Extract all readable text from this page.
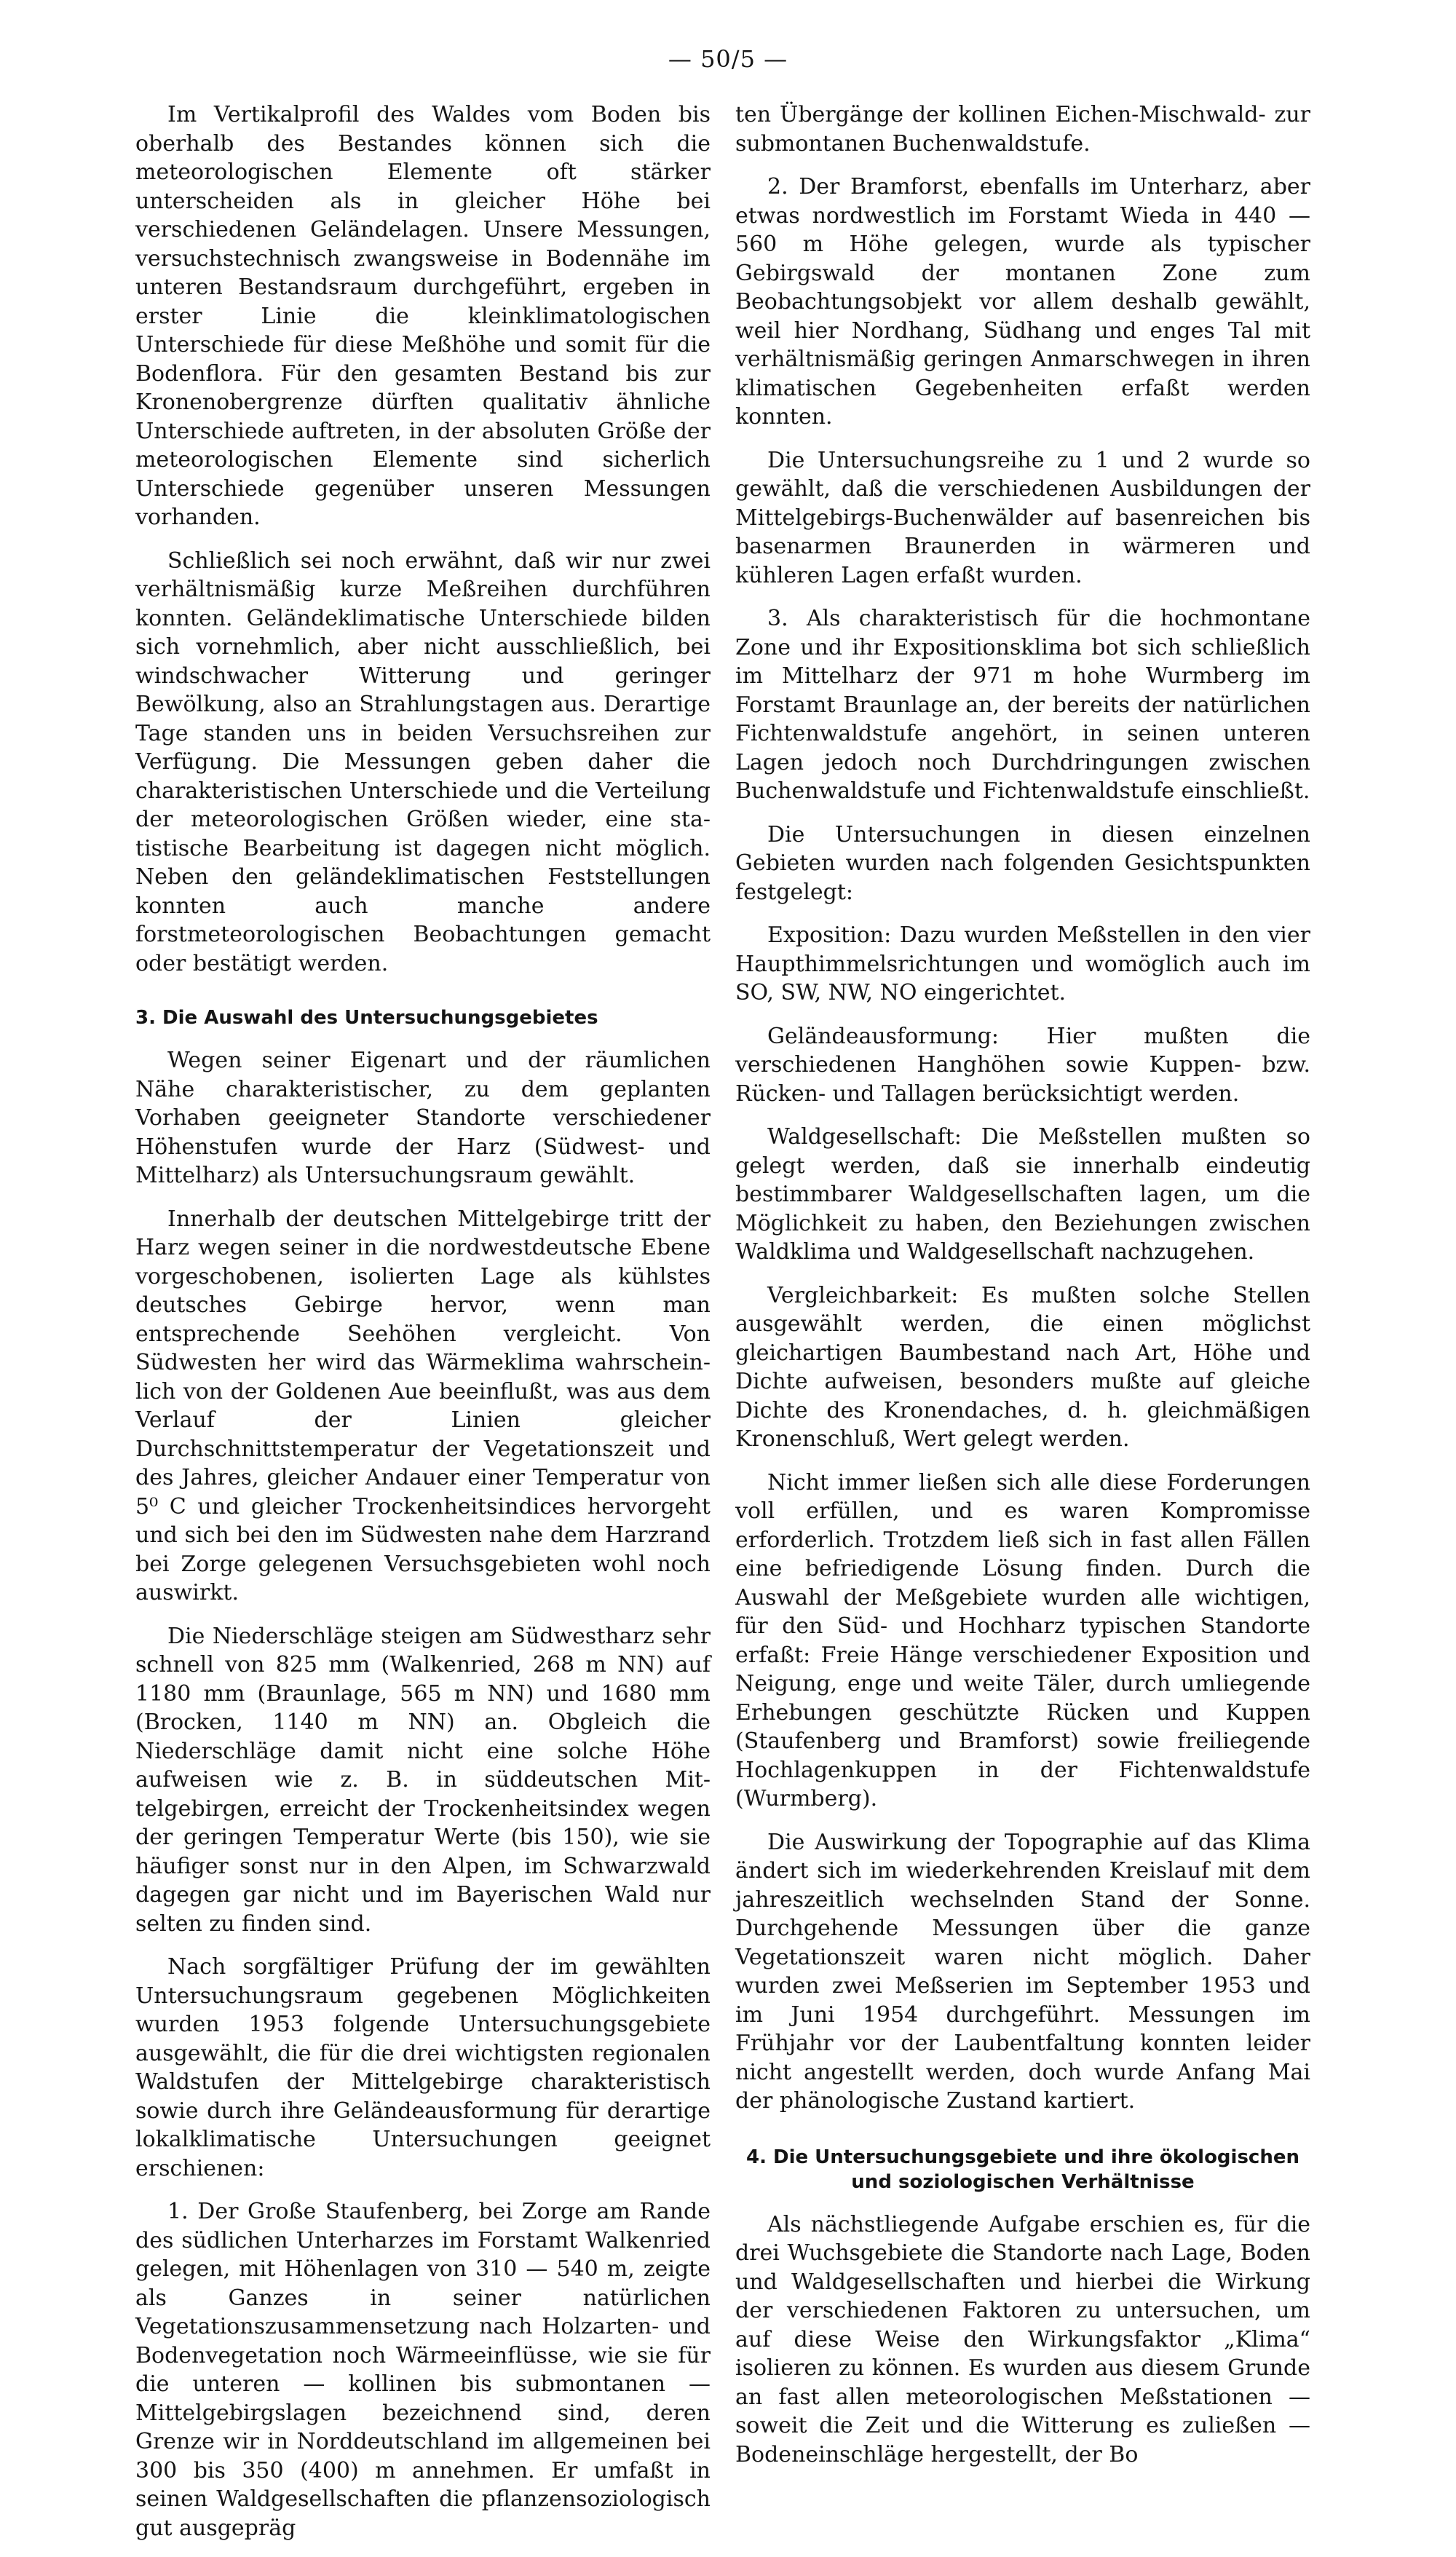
— 50/5 —

Im Vertikalprofil des Waldes vom Boden bis oberhalb des Bestandes können sich die meteorologischen Elemente oft stärker unterscheiden als in gleicher Höhe bei verschiedenen Geländelagen. Unsere Messungen, versuchstechnisch zwangsweise in Bodennähe im unteren Bestandsraum durchgeführt, ergeben in erster Linie die kleinklimatologischen Unterschiede für diese Meßhöhe und somit für die Bodenflora. Für den gesamten Bestand bis zur Kronenobergrenze dürften qualitativ ähnliche Unterschiede auftreten, in der absoluten Größe der meteorologischen Elemente sind sicherlich Unterschiede gegenüber unseren Messungen vorhanden.

Schließlich sei noch erwähnt, daß wir nur zwei verhältnismäßig kurze Meßreihen durchführen konnten. Geländeklimatische Unterschiede bilden sich vornehmlich, aber nicht ausschließlich, bei windschwacher Witterung und geringer Bewölkung, also an Strahlungstagen aus. Derartige Tage standen uns in beiden Versuchsreihen zur Verfügung. Die Messungen geben daher die charakteristischen Unterschiede und die Verteilung der meteorologischen Größen wieder, eine statistische Bearbeitung ist dagegen nicht möglich. Neben den geländeklimatischen Feststellungen konnten auch manche andere forstmeteorologischen Beobachtungen gemacht oder bestätigt werden.

3. Die Auswahl des Untersuchungsgebietes

Wegen seiner Eigenart und der räumlichen Nähe charakteristischer, zu dem geplanten Vorhaben geeigneter Standorte verschiedener Höhenstufen wurde der Harz (Südwest- und Mittelharz) als Untersuchungsraum gewählt.

Innerhalb der deutschen Mittelgebirge tritt der Harz wegen seiner in die nordwestdeutsche Ebene vorgeschobenen, isolierten Lage als kühlstes deutsches Gebirge hervor, wenn man entsprechende Seehöhen vergleicht. Von Südwesten her wird das Wärmeklima wahrscheinlich von der Goldenen Aue beeinflußt, was aus dem Verlauf der Linien gleicher Durchschnittstemperatur der Vegetationszeit und des Jahres, gleicher Andauer einer Temperatur von 5⁰ C und gleicher Trockenheitsindices hervorgeht und sich bei den im Südwesten nahe dem Harzrand bei Zorge gelegenen Versuchsgebieten wohl noch auswirkt.

Die Niederschläge steigen am Südwestharz sehr schnell von 825 mm (Walkenried, 268 m NN) auf 1180 mm (Braunlage, 565 m NN) und 1680 mm (Brocken, 1140 m NN) an. Obgleich die Niederschläge damit nicht eine solche Höhe aufweisen wie z. B. in süddeutschen Mittelgebirgen, erreicht der Trockenheitsindex wegen der geringen Temperatur Werte (bis 150), wie sie häufiger sonst nur in den Alpen, im Schwarzwald dagegen gar nicht und im Bayerischen Wald nur selten zu finden sind.

Nach sorgfältiger Prüfung der im gewählten Untersuchungsraum gegebenen Möglichkeiten wurden 1953 folgende Untersuchungsgebiete ausgewählt, die für die drei wichtigsten regionalen Waldstufen der Mittelgebirge charakteristisch sowie durch ihre Geländeausformung für derartige lokalklimatische Untersuchungen geeignet erschienen:

1. Der Große Staufenberg, bei Zorge am Rande des südlichen Unterharzes im Forstamt Walkenried gelegen, mit Höhenlagen von 310 — 540 m, zeigte als Ganzes in seiner natürlichen Vegetationszusammensetzung nach Holzarten- und Bodenvegetation noch Wärmeeinflüsse, wie sie für die unteren — kollinen bis submontanen — Mittelgebirgslagen bezeichnend sind, deren Grenze wir in Norddeutschland im allgemeinen bei 300 bis 350 (400) m annehmen. Er umfaßt in seinen Waldgesellschaften die pflanzensoziologisch gut ausgepräg

ten Übergänge der kollinen Eichen-Mischwald- zur submontanen Buchenwaldstufe.

2. Der Bramforst, ebenfalls im Unterharz, aber etwas nordwestlich im Forstamt Wieda in 440 — 560 m Höhe gelegen, wurde als typischer Gebirgswald der montanen Zone zum Beobachtungsobjekt vor allem deshalb gewählt, weil hier Nordhang, Südhang und enges Tal mit verhältnismäßig geringen Anmarschwegen in ihren klimatischen Gegebenheiten erfaßt werden konnten.

Die Untersuchungsreihe zu 1 und 2 wurde so gewählt, daß die verschiedenen Ausbildungen der Mittelgebirgs-Buchenwälder auf basenreichen bis basenarmen Braunerden in wärmeren und kühleren Lagen erfaßt wurden.

3. Als charakteristisch für die hochmontane Zone und ihr Expositionsklima bot sich schließlich im Mittelharz der 971 m hohe Wurmberg im Forstamt Braunlage an, der bereits der natürlichen Fichtenwaldstufe angehört, in seinen unteren Lagen jedoch noch Durchdringungen zwischen Buchenwaldstufe und Fichtenwaldstufe einschließt.

Die Untersuchungen in diesen einzelnen Gebieten wurden nach folgenden Gesichtspunkten festgelegt:

Exposition: Dazu wurden Meßstellen in den vier Haupthimmelsrichtungen und womöglich auch im SO, SW, NW, NO eingerichtet.

Geländeausformung: Hier mußten die verschiedenen Hanghöhen sowie Kuppen- bzw. Rücken- und Tallagen berücksichtigt werden.

Waldgesellschaft: Die Meßstellen mußten so gelegt werden, daß sie innerhalb eindeutig bestimmbarer Waldgesellschaften lagen, um die Möglichkeit zu haben, den Beziehungen zwischen Waldklima und Waldgesellschaft nachzugehen.

Vergleichbarkeit: Es mußten solche Stellen ausgewählt werden, die einen möglichst gleichartigen Baumbestand nach Art, Höhe und Dichte aufweisen, besonders mußte auf gleiche Dichte des Kronendaches, d. h. gleichmäßigen Kronenschluß, Wert gelegt werden.

Nicht immer ließen sich alle diese Forderungen voll erfüllen, und es waren Kompromisse erforderlich. Trotzdem ließ sich in fast allen Fällen eine befriedigende Lösung finden. Durch die Auswahl der Meßgebiete wurden alle wichtigen, für den Süd- und Hochharz typischen Standorte erfaßt: Freie Hänge verschiedener Exposition und Neigung, enge und weite Täler, durch umliegende Erhebungen geschützte Rücken und Kuppen (Staufenberg und Bramforst) sowie freiliegende Hochlagenkuppen in der Fichtenwaldstufe (Wurmberg).

Die Auswirkung der Topographie auf das Klima ändert sich im wiederkehrenden Kreislauf mit dem jahreszeitlich wechselnden Stand der Sonne. Durchgehende Messungen über die ganze Vegetationszeit waren nicht möglich. Daher wurden zwei Meßserien im September 1953 und im Juni 1954 durchgeführt. Messungen im Frühjahr vor der Laubentfaltung konnten leider nicht angestellt werden, doch wurde Anfang Mai der phänologische Zustand kartiert.

4. Die Untersuchungsgebiete und ihre ökologischen und soziologischen Verhältnisse

Als nächstliegende Aufgabe erschien es, für die drei Wuchsgebiete die Standorte nach Lage, Boden und Waldgesellschaften und hierbei die Wirkung der verschiedenen Faktoren zu untersuchen, um auf diese Weise den Wirkungsfaktor „Klima“ isolieren zu können. Es wurden aus diesem Grunde an fast allen meteorologischen Meßstationen — soweit die Zeit und die Witterung es zuließen — Bodeneinschläge hergestellt, der Bo
